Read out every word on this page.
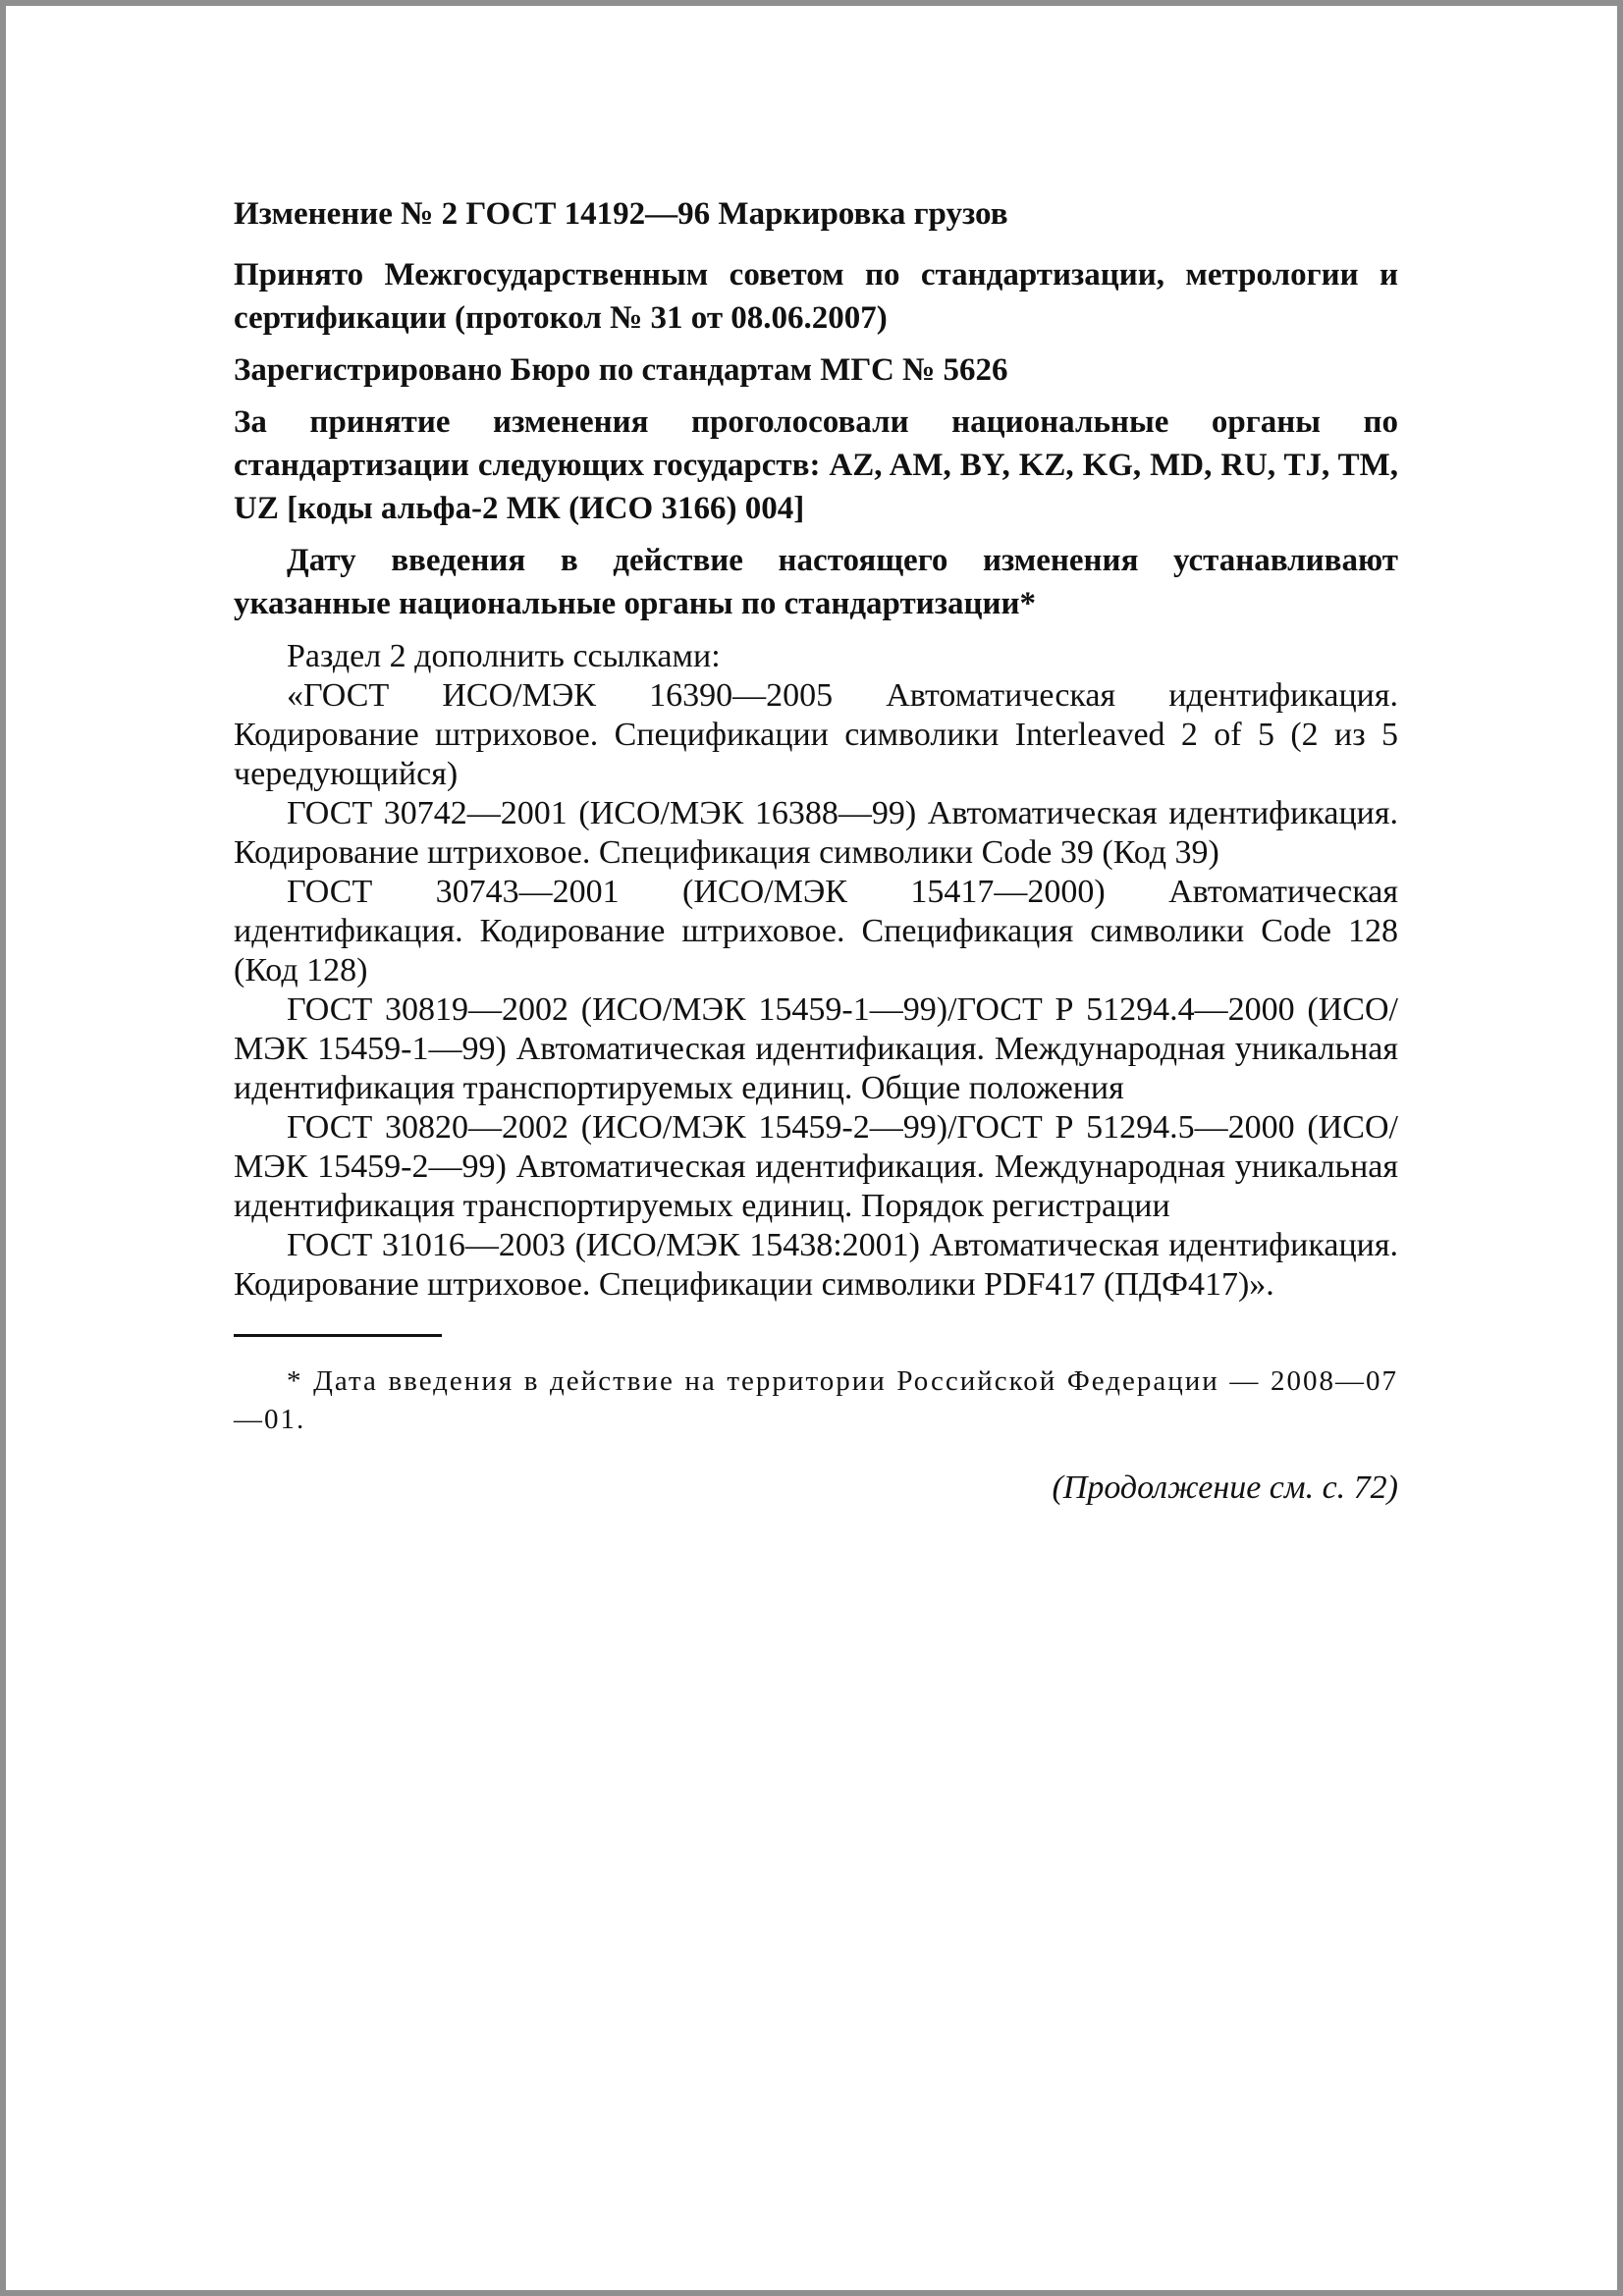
Изменение № 2 ГОСТ 14192—96 Маркировка грузов

Принято Межгосударственным советом по стандартизации, метрологии и сертификации (протокол № 31 от 08.06.2007)

Зарегистрировано Бюро по стандартам МГС № 5626

За принятие изменения проголосовали национальные органы по стандартизации следующих государств: AZ, AM, BY, KZ, KG, MD, RU, TJ, TM, UZ [коды альфа-2 МК (ИСО 3166) 004]

Дату введения в действие настоящего изменения устанавливают указанные национальные органы по стандартизации*

Раздел 2 дополнить ссылками:

«ГОСТ ИСО/МЭК 16390—2005 Автоматическая идентификация. Кодирование штриховое. Спецификации символики Interleaved 2 of 5 (2 из 5 чередующийся)

ГОСТ 30742—2001 (ИСО/МЭК 16388—99) Автоматическая идентификация. Кодирование штриховое. Спецификация символики Code 39 (Код 39)

ГОСТ 30743—2001 (ИСО/МЭК 15417—2000) Автоматическая идентификация. Кодирование штриховое. Спецификация символики Code 128 (Код 128)

ГОСТ 30819—2002 (ИСО/МЭК 15459-1—99)/ГОСТ Р 51294.4—2000 (ИСО/МЭК 15459-1—99) Автоматическая идентификация. Международная уникальная идентификация транспортируемых единиц. Общие положения

ГОСТ 30820—2002 (ИСО/МЭК 15459-2—99)/ГОСТ Р 51294.5—2000 (ИСО/МЭК 15459-2—99) Автоматическая идентификация. Международная уникальная идентификация транспортируемых единиц. Порядок регистрации

ГОСТ 31016—2003 (ИСО/МЭК 15438:2001) Автоматическая идентификация. Кодирование штриховое. Спецификации символики PDF417 (ПДФ417)».

* Дата введения в действие на территории Российской Федерации — 2008—07—01.

(Продолжение см. с. 72)
